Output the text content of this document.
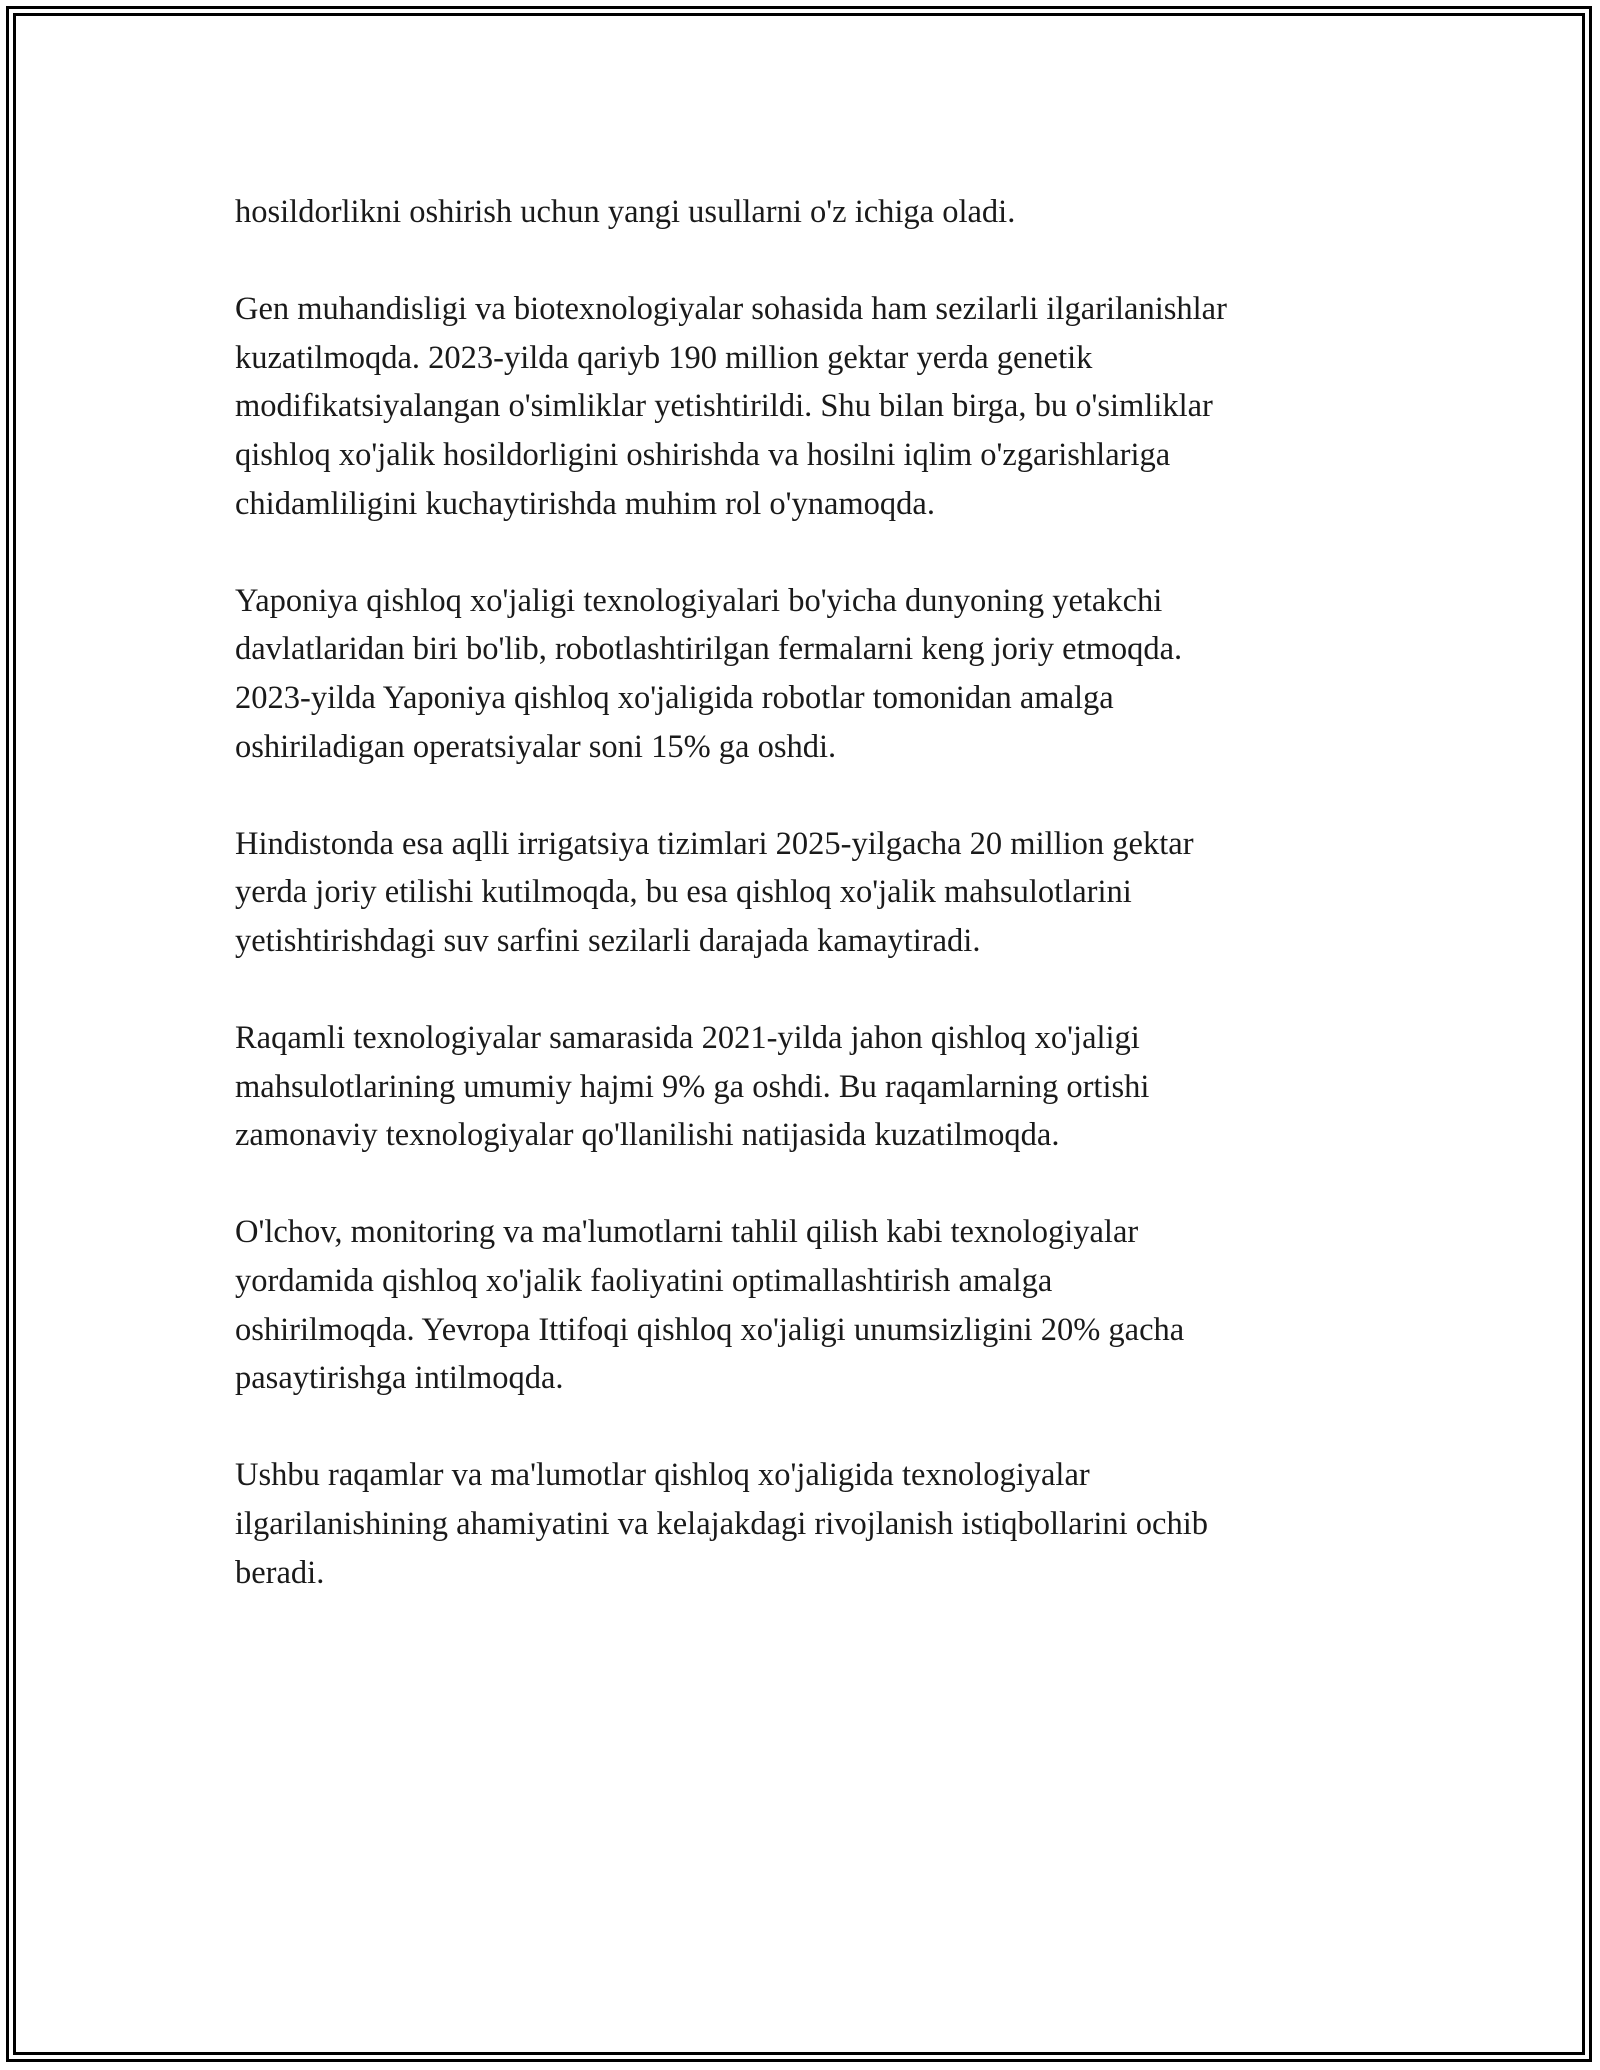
hosildorlikni oshirish uchun yangi usullarni o'z ichiga oladi.

Gen muhandisligi va biotexnologiyalar sohasida ham sezilarli ilgarilanishlar
kuzatilmoqda. 2023-yilda qariyb 190 million gektar yerda genetik
modifikatsiyalangan o'simliklar yetishtirildi. Shu bilan birga, bu o'simliklar
qishloq xo'jalik hosildorligini oshirishda va hosilni iqlim o'zgarishlariga
chidamliligini kuchaytirishda muhim rol o'ynamoqda.

Yaponiya qishloq xo'jaligi texnologiyalari bo'yicha dunyoning yetakchi
davlatlaridan biri bo'lib, robotlashtirilgan fermalarni keng joriy etmoqda.
2023-yilda Yaponiya qishloq xo'jaligida robotlar tomonidan amalga
oshiriladigan operatsiyalar soni 15% ga oshdi.

Hindistonda esa aqlli irrigatsiya tizimlari 2025-yilgacha 20 million gektar
yerda joriy etilishi kutilmoqda, bu esa qishloq xo'jalik mahsulotlarini
yetishtirishdagi suv sarfini sezilarli darajada kamaytiradi.

Raqamli texnologiyalar samarasida 2021-yilda jahon qishloq xo'jaligi
mahsulotlarining umumiy hajmi 9% ga oshdi. Bu raqamlarning ortishi
zamonaviy texnologiyalar qo'llanilishi natijasida kuzatilmoqda.

O'lchov, monitoring va ma'lumotlarni tahlil qilish kabi texnologiyalar
yordamida qishloq xo'jalik faoliyatini optimallashtirish amalga
oshirilmoqda. Yevropa Ittifoqi qishloq xo'jaligi unumsizligini 20% gacha
pasaytirishga intilmoqda.

Ushbu raqamlar va ma'lumotlar qishloq xo'jaligida texnologiyalar
ilgarilanishining ahamiyatini va kelajakdagi rivojlanish istiqbollarini ochib
beradi.
